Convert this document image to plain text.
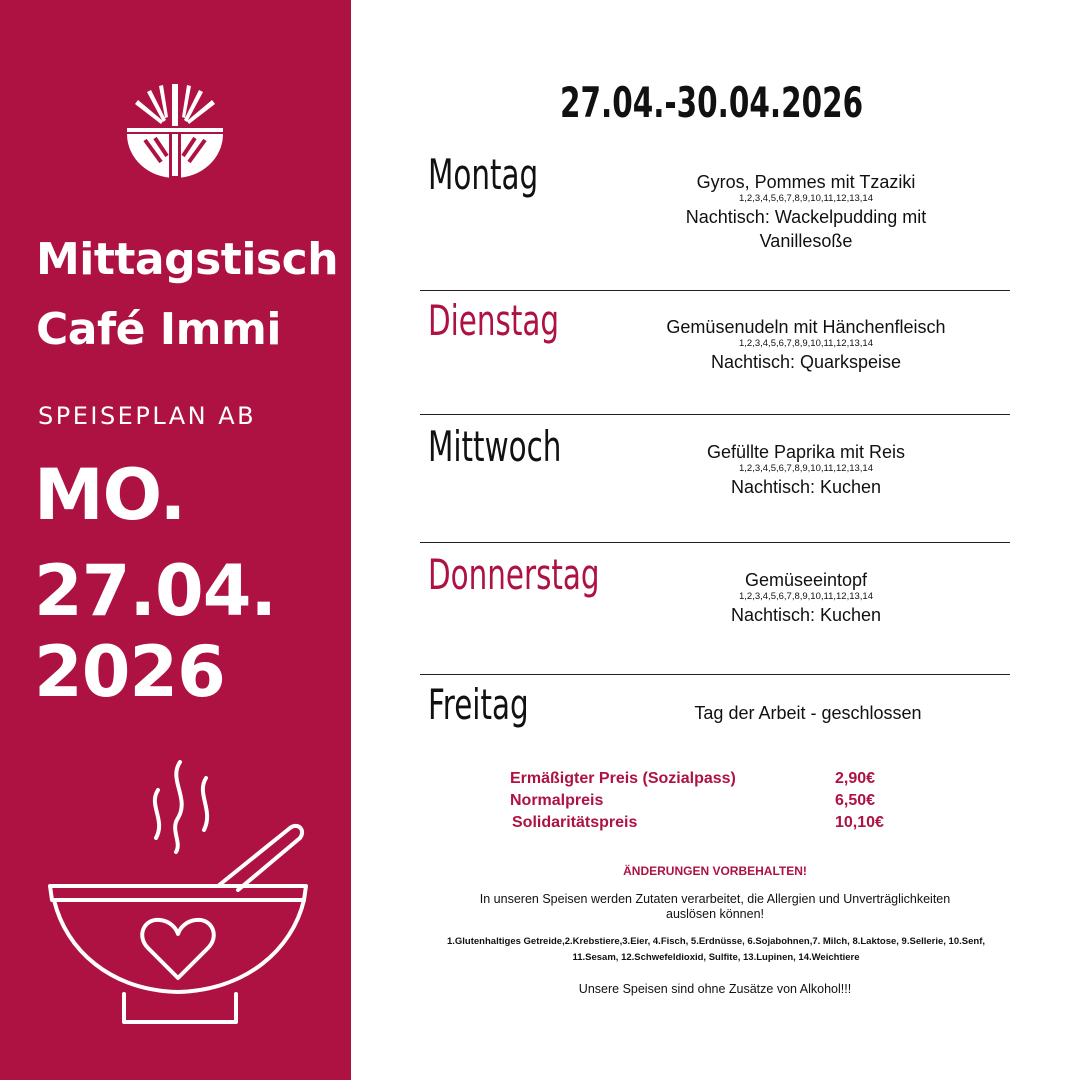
Mittagstisch
Café Immi
SPEISEPLAN AB
MO.
27.04.
2026
27.04.-30.04.2026
Montag	Gyros, Pommes mit Tzaziki
1,2,3,4,5,6,7,8,9,10,11,12,13,14
Nachtisch: Wackelpudding mit
Vanillesoße
Dienstag	Gemüsenudeln mit Hänchenfleisch
1,2,3,4,5,6,7,8,9,10,11,12,13,14
Nachtisch: Quarkspeise
Mittwoch	Gefüllte Paprika mit Reis
1,2,3,4,5,6,7,8,9,10,11,12,13,14
Nachtisch: Kuchen
Donnerstag	Gemüseeintopf
1,2,3,4,5,6,7,8,9,10,11,12,13,14
Nachtisch: Kuchen
Freitag	Tag der Arbeit - geschlossen
Ermäßigter Preis (Sozialpass)	2,90€
Normalpreis	6,50€
Solidaritätspreis	10,10€
ÄNDERUNGEN VORBEHALTEN!
In unseren Speisen werden Zutaten verarbeitet, die Allergien und Unverträglichkeiten
auslösen können!
1.Glutenhaltiges Getreide,2.Krebstiere,3.Eier, 4.Fisch, 5.Erdnüsse, 6.Sojabohnen,7. Milch, 8.Laktose, 9.Sellerie, 10.Senf,
11.Sesam, 12.Schwefeldioxid, Sulfite, 13.Lupinen, 14.Weichtiere
Unsere Speisen sind ohne Zusätze von Alkohol!!!
